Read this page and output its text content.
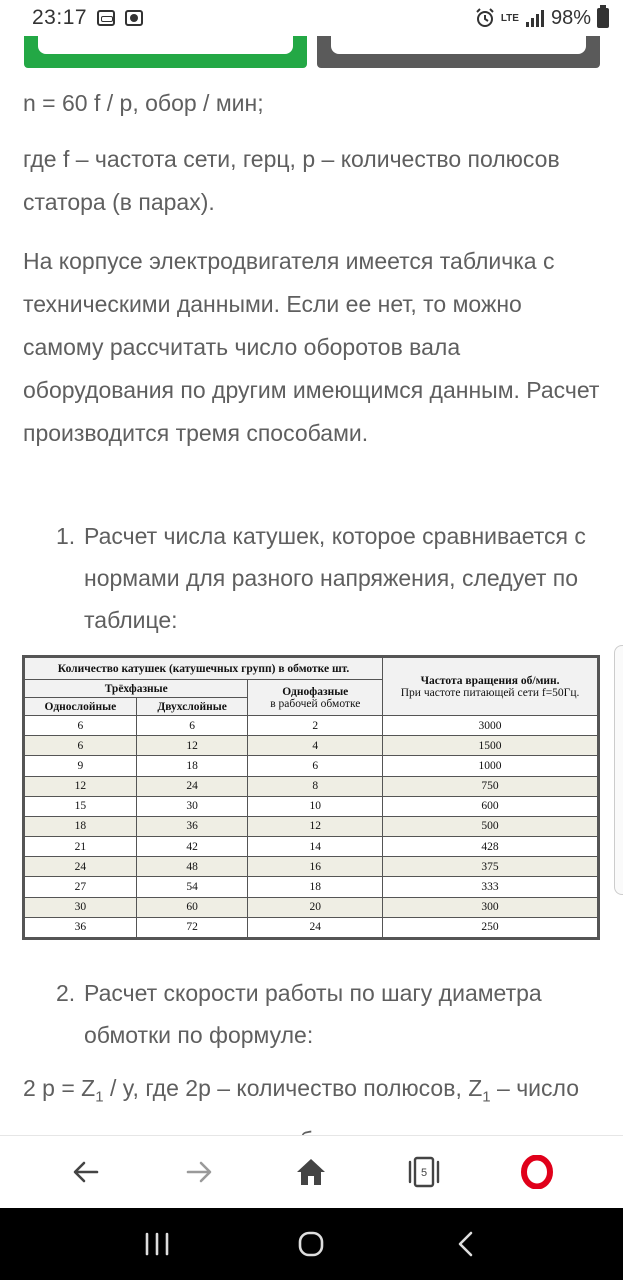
23:17	LTE 98%

n = 60 f / p, обор / мин;

где f – частота сети, герц, p – количество полюсов статора (в парах).

На корпусе электродвигателя имеется табличка с техническими данными. Если ее нет, то можно самому рассчитать число оборотов вала оборудования по другим имеющимся данным. Расчет производится тремя способами.

1. Расчет числа катушек, которое сравнивается с нормами для разного напряжения, следует по таблице:
Количество катушек (катушечных групп) в обмотке шт.			Частота вращения об/мин.
При частоте питающей сети f=50Гц.

Трёхфазные		Однофазные
в рабочей обмотке	

Однослойные	Двухслойные		
6	6	2	3000
6	12	4	1500
9	18	6	1000
12	24	8	750
15	30	10	600
18	36	12	500
21	42	14	428
24	48	16	375
27	54	18	333
30	60	20	300
36	72	24	250
2. Расчет скорости работы по шагу диаметра обмотки по формуле:

2 $p = Z_1 / y$, где 2p – количество полюсов, $Z_1$ – число

5
